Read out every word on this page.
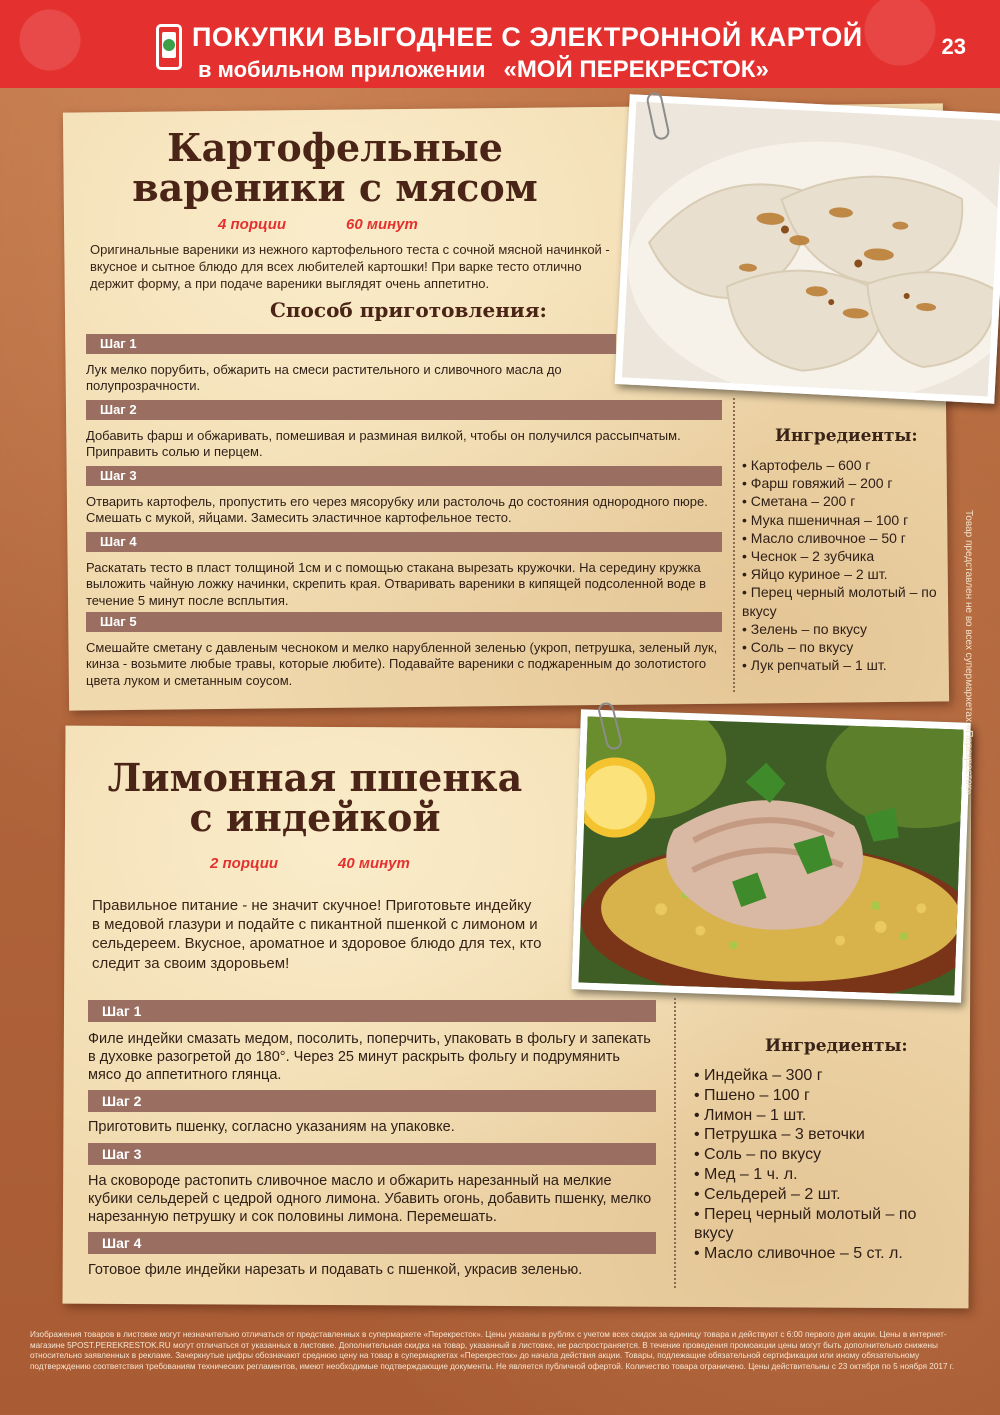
ПОКУПКИ ВЫГОДНЕЕ С ЭЛЕКТРОННОЙ КАРТОЙ
в мобильном приложении «МОЙ ПЕРЕКРЕСТОК»
23
Картофельные
вареники с мясом
4 порции	60 минут
Оригинальные вареники из нежного картофельного теста с сочной мясной начинкой - вкусное и сытное блюдо для всех любителей картошки! При варке тесто отлично держит форму, а при подаче вареники выглядят очень аппетитно.
Способ приготовления:
Шаг 1
Лук мелко порубить, обжарить на смеси растительного и сливочного масла до полупрозрачности.
Шаг 2
Добавить фарш и обжаривать, помешивая и разминая вилкой, чтобы он получился рассыпчатым. Приправить солью и перцем.
Шаг 3
Отварить картофель, пропустить его через мясорубку или растолочь до состояния однородного пюре. Смешать с мукой, яйцами. Замесить эластичное картофельное тесто.
Шаг 4
Раскатать тесто в пласт толщиной 1см и с помощью стакана вырезать кружочки. На середину кружка выложить чайную ложку начинки, скрепить края. Отваривать вареники в кипящей подсоленной воде в течение 5 минут после всплытия.
Шаг 5
Смешайте сметану с давленым чесноком и мелко нарубленной зеленью (укроп, петрушка, зеленый лук, кинза - возьмите любые травы, которые любите). Подавайте вареники с поджаренным до золотистого цвета луком и сметанным соусом.
Ингредиенты:
• Картофель – 600 г
• Фарш говяжий – 200 г
• Сметана – 200 г
• Мука пшеничная – 100 г
• Масло сливочное – 50 г
• Чеснок – 2 зубчика
• Яйцо куриное – 2 шт.
• Перец черный молотый – по вкусу
• Зелень – по вкусу
• Соль – по вкусу
• Лук репчатый – 1 шт.
Лимонная пшенка
с индейкой
2 порции	40 минут
Правильное питание - не значит скучное! Приготовьте индейку в медовой глазури и подайте с пикантной пшенкой с лимоном и сельдереем. Вкусное, ароматное и здоровое блюдо для тех, кто следит за своим здоровьем!
Шаг 1
Филе индейки смазать медом, посолить, поперчить, упаковать в фольгу и запекать в духовке разогретой до 180°. Через 25 минут раскрыть фольгу и подрумянить мясо до аппетитного глянца.
Шаг 2
Приготовить пшенку, согласно указаниям на упаковке.
Шаг 3
На сковороде растопить сливочное масло и обжарить нарезанный на мелкие кубики сельдерей с цедрой одного лимона. Убавить огонь, добавить пшенку, мелко нарезанную петрушку и сок половины лимона. Перемешать.
Шаг 4
Готовое филе индейки нарезать и подавать с пшенкой, украсив зеленью.
Ингредиенты:
• Индейка – 300 г
• Пшено – 100 г
• Лимон – 1 шт.
• Петрушка – 3 веточки
• Соль – по вкусу
• Мед – 1 ч. л.
• Сельдерей – 2 шт.
• Перец черный молотый – по вкусу
• Масло сливочное – 5 ст. л.
Товар представлен не во всех супермаркетах «Перекресток»
Изображения товаров в листовке могут незначительно отличаться от представленных в супермаркете «Перекресток». Цены указаны в рублях с учетом всех скидок за единицу товара и действуют с 6:00 первого дня акции. Цены в интернет-магазине 5POST.PEREKRESTOK.RU могут отличаться от указанных в листовке. Дополнительная скидка на товар, указанный в листовке, не распространяется. В течение проведения промоакции цены могут быть дополнительно снижены относительно заявленных в рекламе. Зачеркнутые цифры обозначают среднюю цену на товар в супермаркетах «Перекресток» до начала действия акции. Товары, подлежащие обязательной сертификации или иному обязательному подтверждению соответствия требованиям технических регламентов, имеют необходимые подтверждающие документы. Не является публичной офертой. Количество товара ограничено. Цены действительны с 23 октября по 5 ноября 2017 г.
